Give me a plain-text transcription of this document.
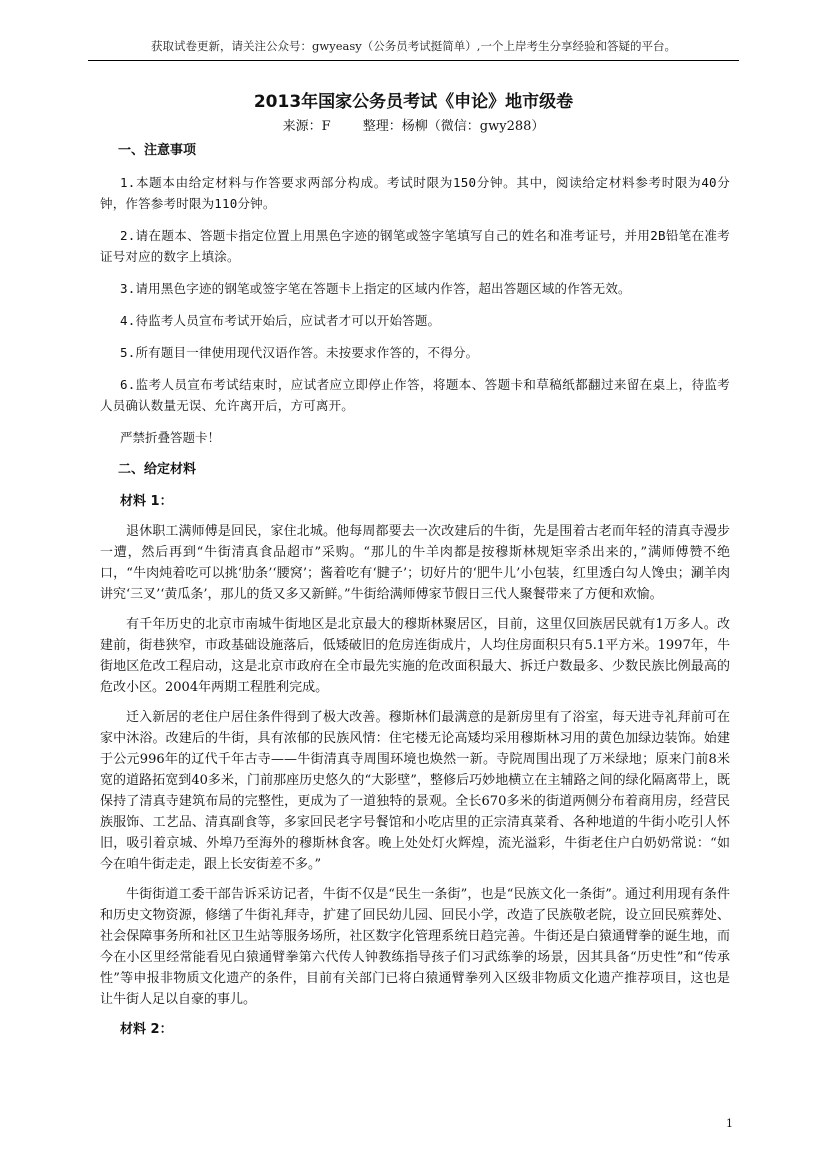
获取试卷更新，请关注公众号：gwyeasy（公务员考试挺简单）,一个上岸考生分享经验和答疑的平台。
2013年国家公务员考试《申论》地市级卷
来源：F 整理：杨柳（微信：gwy288）
一、注意事项

1.本题本由给定材料与作答要求两部分构成。考试时限为150分钟。其中，阅读给定材料参考时限为40分钟，作答参考时限为110分钟。

2.请在题本、答题卡指定位置上用黑色字迹的钢笔或签字笔填写自己的姓名和准考证号，并用2B铅笔在准考证号对应的数字上填涂。

3.请用黑色字迹的钢笔或签字笔在答题卡上指定的区域内作答，超出答题区域的作答无效。

4.待监考人员宣布考试开始后，应试者才可以开始答题。

5.所有题目一律使用现代汉语作答。未按要求作答的，不得分。

6.监考人员宣布考试结束时，应试者应立即停止作答，将题本、答题卡和草稿纸都翻过来留在桌上，待监考人员确认数量无误、允许离开后，方可离开。

严禁折叠答题卡！

二、给定材料
材料 1：

退休职工满师傅是回民，家住北城。他每周都要去一次改建后的牛街，先是围着古老而年轻的清真寺漫步一遭，然后再到“牛街清真食品超市”采购。“那儿的牛羊肉都是按穆斯林规矩宰杀出来的，”满师傅赞不绝口，“牛肉炖着吃可以挑‘肋条’‘腰窝’；酱着吃有‘腱子’；切好片的‘肥牛儿’小包装，红里透白勾人馋虫；涮羊肉讲究‘三叉’‘黄瓜条’，那儿的货又多又新鲜。”牛街给满师傅家节假日三代人聚餐带来了方便和欢愉。

有千年历史的北京市南城牛街地区是北京最大的穆斯林聚居区，目前，这里仅回族居民就有1万多人。改建前，街巷狭窄，市政基础设施落后，低矮破旧的危房连街成片，人均住房面积只有5.1平方米。1997年，牛街地区危改工程启动，这是北京市政府在全市最先实施的危改面积最大、拆迁户数最多、少数民族比例最高的危改小区。2004年两期工程胜利完成。

迁入新居的老住户居住条件得到了极大改善。穆斯林们最满意的是新房里有了浴室，每天进寺礼拜前可在家中沐浴。改建后的牛街，具有浓郁的民族风情：住宅楼无论高矮均采用穆斯林习用的黄色加绿边装饰。始建于公元996年的辽代千年古寺——牛街清真寺周围环境也焕然一新。寺院周围出现了万米绿地；原来门前8米宽的道路拓宽到40多米，门前那座历史悠久的“大影壁”，整修后巧妙地横立在主辅路之间的绿化隔离带上，既保持了清真寺建筑布局的完整性，更成为了一道独特的景观。全长670多米的街道两侧分布着商用房，经营民族服饰、工艺品、清真副食等，多家回民老字号餐馆和小吃店里的正宗清真菜肴、各种地道的牛街小吃引人怀旧，吸引着京城、外埠乃至海外的穆斯林食客。晚上处处灯火辉煌，流光溢彩，牛街老住户白奶奶常说：“如今在咱牛街走走，跟上长安街差不多。”

牛街街道工委干部告诉采访记者，牛街不仅是“民生一条街”，也是“民族文化一条街”。通过利用现有条件和历史文物资源，修缮了牛街礼拜寺，扩建了回民幼儿园、回民小学，改造了民族敬老院，设立回民殡葬处、社会保障事务所和社区卫生站等服务场所，社区数字化管理系统日趋完善。牛街还是白猿通臂拳的诞生地，而今在小区里经常能看见白猿通臂拳第六代传人钟教练指导孩子们习武练拳的场景，因其具备“历史性”和“传承性”等申报非物质文化遗产的条件，目前有关部门已将白猿通臂拳列入区级非物质文化遗产推荐项目，这也是让牛街人足以自豪的事儿。

材料 2：
1
